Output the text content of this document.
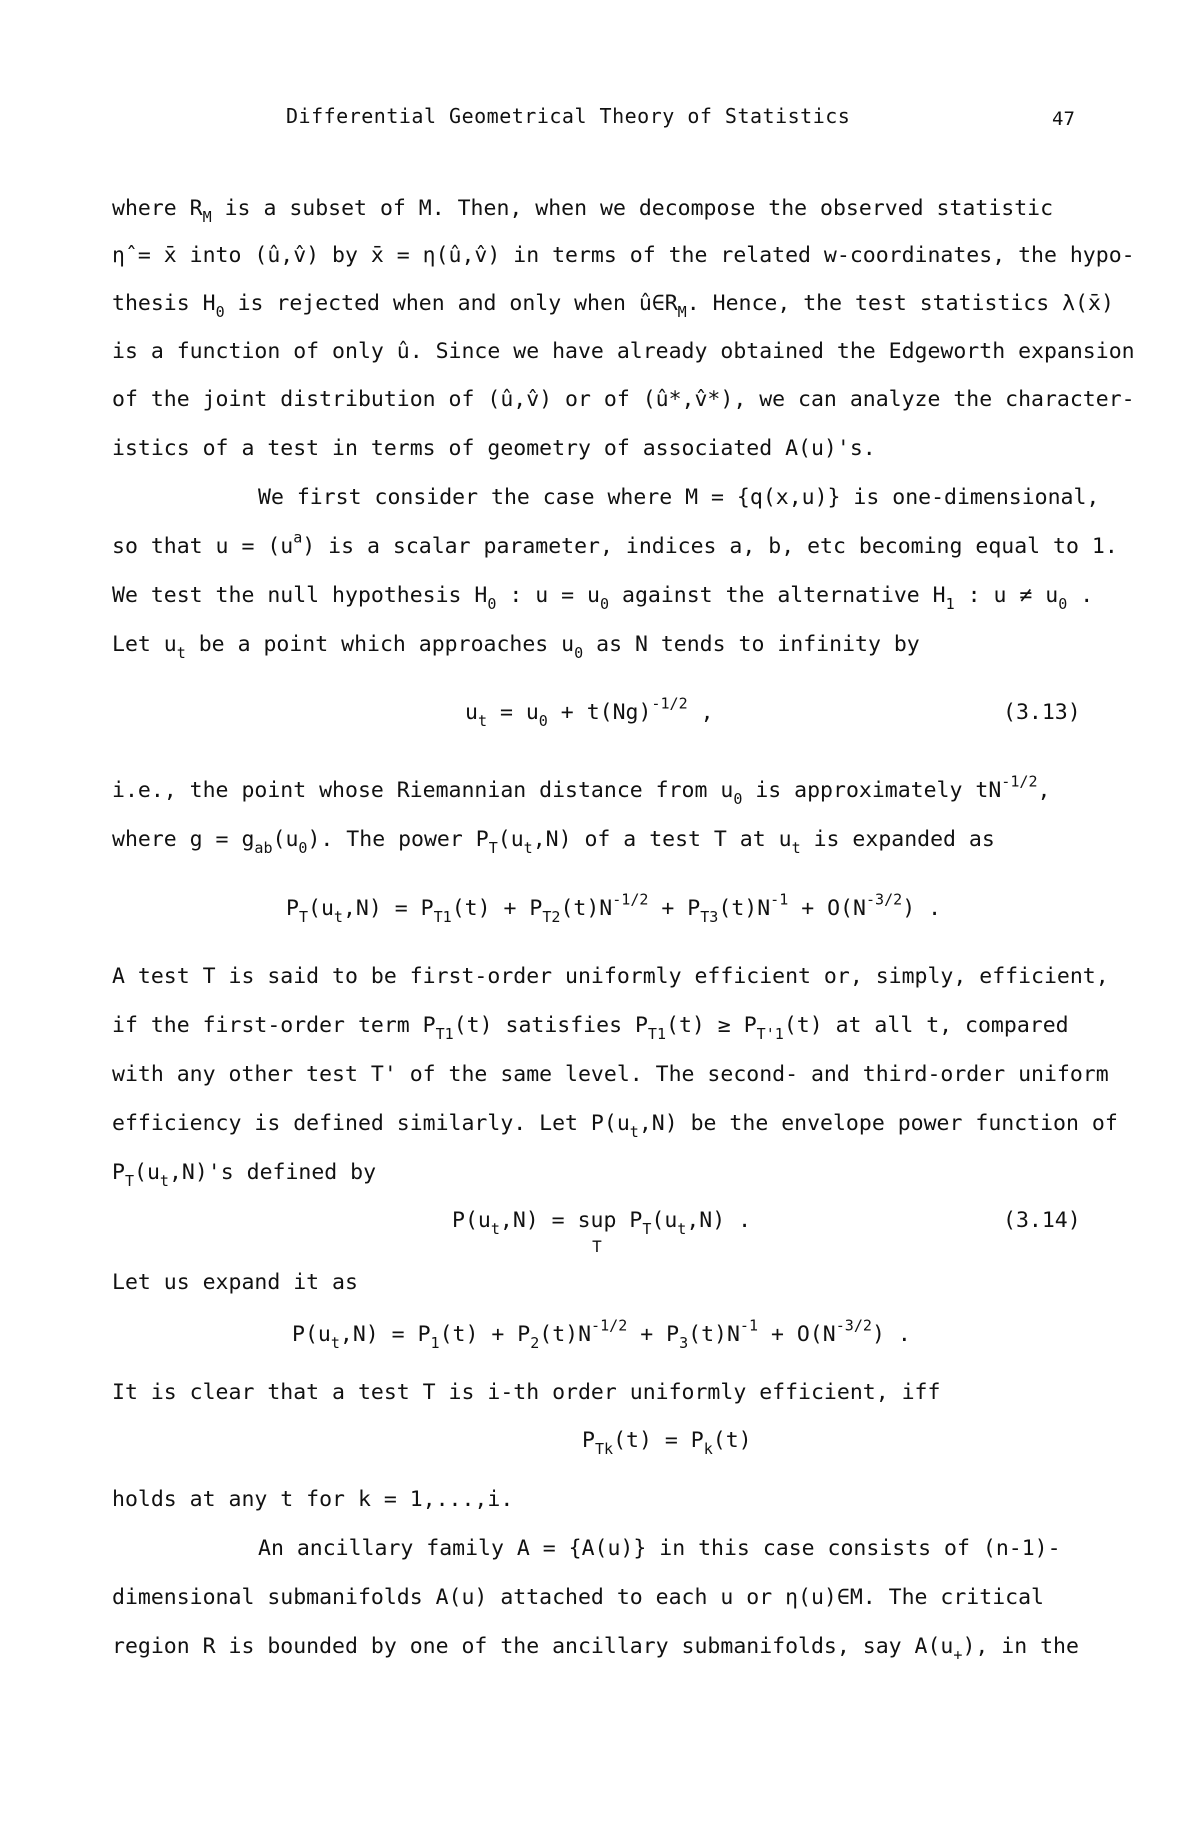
Differential Geometrical Theory of Statistics	47
where $R_M$ is a subset of M. Then, when we decompose the observed statistic
η̂ = x̄ into (û,v̂) by x̄ = η(û,v̂) in terms of the related w-coordinates, the hypo-
thesis $H_0$ is rejected when and only when $û\in R_M$. Hence, the test statistics λ(x̄)
is a function of only û. Since we have already obtained the Edgeworth expansion
of the joint distribution of (û,v̂) or of (û*,v̂*), we can analyze the character-
istics of a test in terms of geometry of associated A(u)'s.
We first consider the case where M = {q(x,u)} is one-dimensional,
so that $u = (u^a)$ is a scalar parameter, indices a, b, etc becoming equal to 1.
We test the null hypothesis $H_0$ : $u = u_0$ against the alternative $H_1$ : $u \ne u_0$ .
Let $u_t$ be a point which approaches $u_0$ as N tends to infinity by
$u_t = u_0 + t(Ng)^{-1/2}$ ,	(3.13)
i.e., the point whose Riemannian distance from $u_0$ is approximately $tN^{-1/2}$,
where $g = g_{ab}(u_0)$. The power $P_T(u_t,N)$ of a test T at $u_t$ is expanded as
$P_T(u_t,N) = P_{T1}(t) + P_{T2}(t)N^{-1/2} + P_{T3}(t)N^{-1} + O(N^{-3/2})$ .
A test T is said to be first-order uniformly efficient or, simply, efficient,
if the first-order term $P_{T1}(t)$ satisfies $P_{T1}(t) \ge P_{T'1}(t)$ at all t, compared
with any other test T' of the same level. The second- and third-order uniform
efficiency is defined similarly. Let $P(u_t,N)$ be the envelope power function of
$P_T(u_t,N)'s$ defined by
$P(u_t,N)$ = sup
T
$P_T(u_t,N)$ .	(3.14)
Let us expand it as
$P(u_t,N) = P_1(t) + P_2(t)N^{-1/2} + P_3(t)N^{-1} + O(N^{-3/2})$ .
It is clear that a test T is i-th order uniformly efficient, iff
$P_{Tk}(t) = P_k(t)$
holds at any t for k = 1,...,i.
An ancillary family A = {A(u)} in this case consists of (n-1)-
dimensional submanifolds A(u) attached to each u or η(u)∈M. The critical
region R is bounded by one of the ancillary submanifolds, say $A(u_+)$, in the
